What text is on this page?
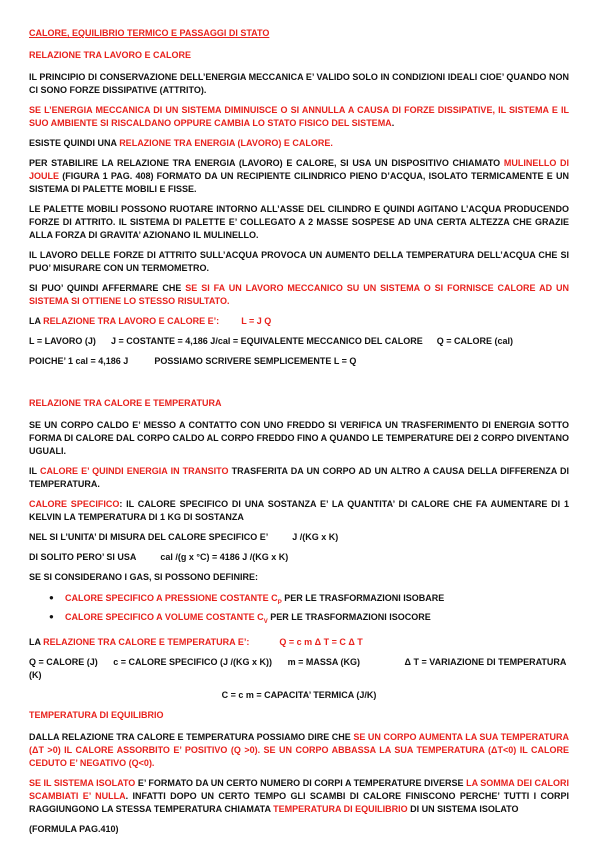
CALORE, EQUILIBRIO TERMICO E PASSAGGI DI STATO
RELAZIONE TRA LAVORO E CALORE

IL PRINCIPIO DI CONSERVAZIONE DELL’ENERGIA MECCANICA E’ VALIDO SOLO IN CONDIZIONI IDEALI CIOE’ QUANDO NON CI SONO FORZE DISSIPATIVE (ATTRITO).

SE L’ENERGIA MECCANICA DI UN SISTEMA DIMINUISCE O SI ANNULLA A CAUSA DI FORZE DISSIPATIVE, IL SISTEMA E IL SUO AMBIENTE SI RISCALDANO OPPURE CAMBIA LO STATO FISICO DEL SISTEMA.

ESISTE QUINDI UNA RELAZIONE TRA ENERGIA (LAVORO) E CALORE.

PER STABILIRE LA RELAZIONE TRA ENERGIA (LAVORO) E CALORE, SI USA UN DISPOSITIVO CHIAMATO MULINELLO DI JOULE (FIGURA 1 PAG. 408) FORMATO DA UN RECIPIENTE CILINDRICO PIENO D’ACQUA, ISOLATO TERMICAMENTE E UN SISTEMA DI PALETTE MOBILI E FISSE.

LE PALETTE MOBILI POSSONO RUOTARE INTORNO ALL’ASSE DEL CILINDRO E QUINDI AGITANO L’ACQUA PRODUCENDO FORZE DI ATTRITO. IL SISTEMA DI PALETTE E’ COLLEGATO A 2 MASSE SOSPESE AD UNA CERTA ALTEZZA CHE GRAZIE ALLA FORZA DI GRAVITA’ AZIONANO IL MULINELLO.

IL LAVORO DELLE FORZE DI ATTRITO SULL’ACQUA PROVOCA UN AUMENTO DELLA TEMPERATURA DELL’ACQUA CHE SI PUO’ MISURARE CON UN TERMOMETRO.

SI PUO’ QUINDI AFFERMARE CHE SE SI FA UN LAVORO MECCANICO SU UN SISTEMA O SI FORNISCE CALORE AD UN SISTEMA SI OTTIENE LO STESSO RISULTATO.

LA RELAZIONE TRA LAVORO E CALORE E’: L = J Q

L = LAVORO (J) J = COSTANTE = 4,186 J/cal = EQUIVALENTE MECCANICO DEL CALORE Q = CALORE (cal)
POICHE’ 1 cal = 4,186 J	POSSIAMO SCRIVERE SEMPLICEMENTE L = Q
RELAZIONE TRA CALORE E TEMPERATURA

SE UN CORPO CALDO E’ MESSO A CONTATTO CON UNO FREDDO SI VERIFICA UN TRASFERIMENTO DI ENERGIA SOTTO FORMA DI CALORE DAL CORPO CALDO AL CORPO FREDDO FINO A QUANDO LE TEMPERATURE DEI 2 CORPO DIVENTANO UGUALI.

IL CALORE E’ QUINDI ENERGIA IN TRANSITO TRASFERITA DA UN CORPO AD UN ALTRO A CAUSA DELLA DIFFERENZA DI TEMPERATURA.

CALORE SPECIFICO: IL CALORE SPECIFICO DI UNA SOSTANZA E’ LA QUANTITA’ DI CALORE CHE FA AUMENTARE DI 1 KELVIN LA TEMPERATURA DI 1 KG DI SOSTANZA

NEL SI L’UNITA’ DI MISURA DEL CALORE SPECIFICO E’	J /(KG x K)
DI SOLITO PERO’ SI USA	cal /(g x °C) = 4186 J /(KG x K)

SE SI CONSIDERANO I GAS, SI POSSONO DEFINIRE:

●	CALORE SPECIFICO A PRESSIONE COSTANTE $C_P$ PER LE TRASFORMAZIONI ISOBARE
●	CALORE SPECIFICO A VOLUME COSTANTE $C_V$ PER LE TRASFORMAZIONI ISOCORE

LA RELAZIONE TRA CALORE E TEMPERATURA E’:	Q = c m Δ T = C Δ T

Q = CALORE (J) c = CALORE SPECIFICO (J /(KG x K)) m = MASSA (KG)	Δ T = VARIAZIONE DI TEMPERATURA (K)

C = c m = CAPACITA’ TERMICA (J/K)

TEMPERATURA DI EQUILIBRIO

DALLA RELAZIONE TRA CALORE E TEMPERATURA POSSIAMO DIRE CHE SE UN CORPO AUMENTA LA SUA TEMPERATURA (ΔT >0) IL CALORE ASSORBITO E’ POSITIVO (Q >0). SE UN CORPO ABBASSA LA SUA TEMPERATURA (ΔT<0) IL CALORE CEDUTO E’ NEGATIVO (Q<0).

SE IL SISTEMA ISOLATO E’ FORMATO DA UN CERTO NUMERO DI CORPI A TEMPERATURE DIVERSE LA SOMMA DEI CALORI SCAMBIATI E’ NULLA. INFATTI DOPO UN CERTO TEMPO GLI SCAMBI DI CALORE FINISCONO PERCHE’ TUTTI I CORPI RAGGIUNGONO LA STESSA TEMPERATURA CHIAMATA TEMPERATURA DI EQUILIBRIO DI UN SISTEMA ISOLATO

(FORMULA PAG.410)
